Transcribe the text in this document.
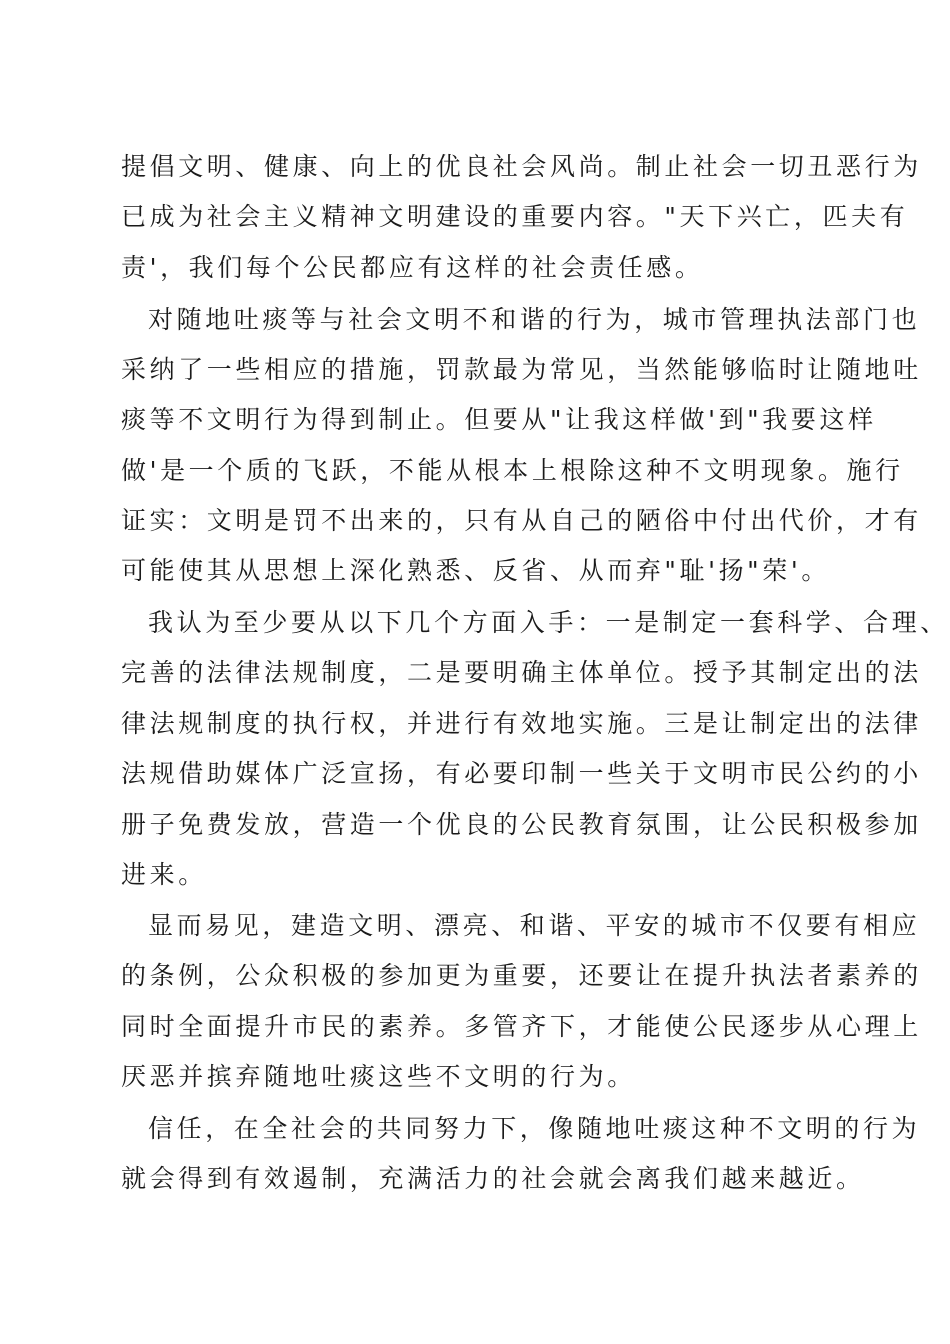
提倡文明、健康、向上的优良社会风尚。制止社会一切丑恶行为
已成为社会主义精神文明建设的重要内容。"天下兴亡，匹夫有
责'，我们每个公民都应有这样的社会责任感。
对随地吐痰等与社会文明不和谐的行为，城市管理执法部门也
采纳了一些相应的措施，罚款最为常见，当然能够临时让随地吐
痰等不文明行为得到制止。但要从"让我这样做'到"我要这样
做'是一个质的飞跃，不能从根本上根除这种不文明现象。施行
证实：文明是罚不出来的，只有从自己的陋俗中付出代价，才有
可能使其从思想上深化熟悉、反省、从而弃"耻'扬"荣'。
我认为至少要从以下几个方面入手：一是制定一套科学、合理、
完善的法律法规制度，二是要明确主体单位。授予其制定出的法
律法规制度的执行权，并进行有效地实施。三是让制定出的法律
法规借助媒体广泛宣扬，有必要印制一些关于文明市民公约的小
册子免费发放，营造一个优良的公民教育氛围，让公民积极参加
进来。
显而易见，建造文明、漂亮、和谐、平安的城市不仅要有相应
的条例，公众积极的参加更为重要，还要让在提升执法者素养的
同时全面提升市民的素养。多管齐下，才能使公民逐步从心理上
厌恶并摈弃随地吐痰这些不文明的行为。
信任，在全社会的共同努力下，像随地吐痰这种不文明的行为
就会得到有效遏制，充满活力的社会就会离我们越来越近。
